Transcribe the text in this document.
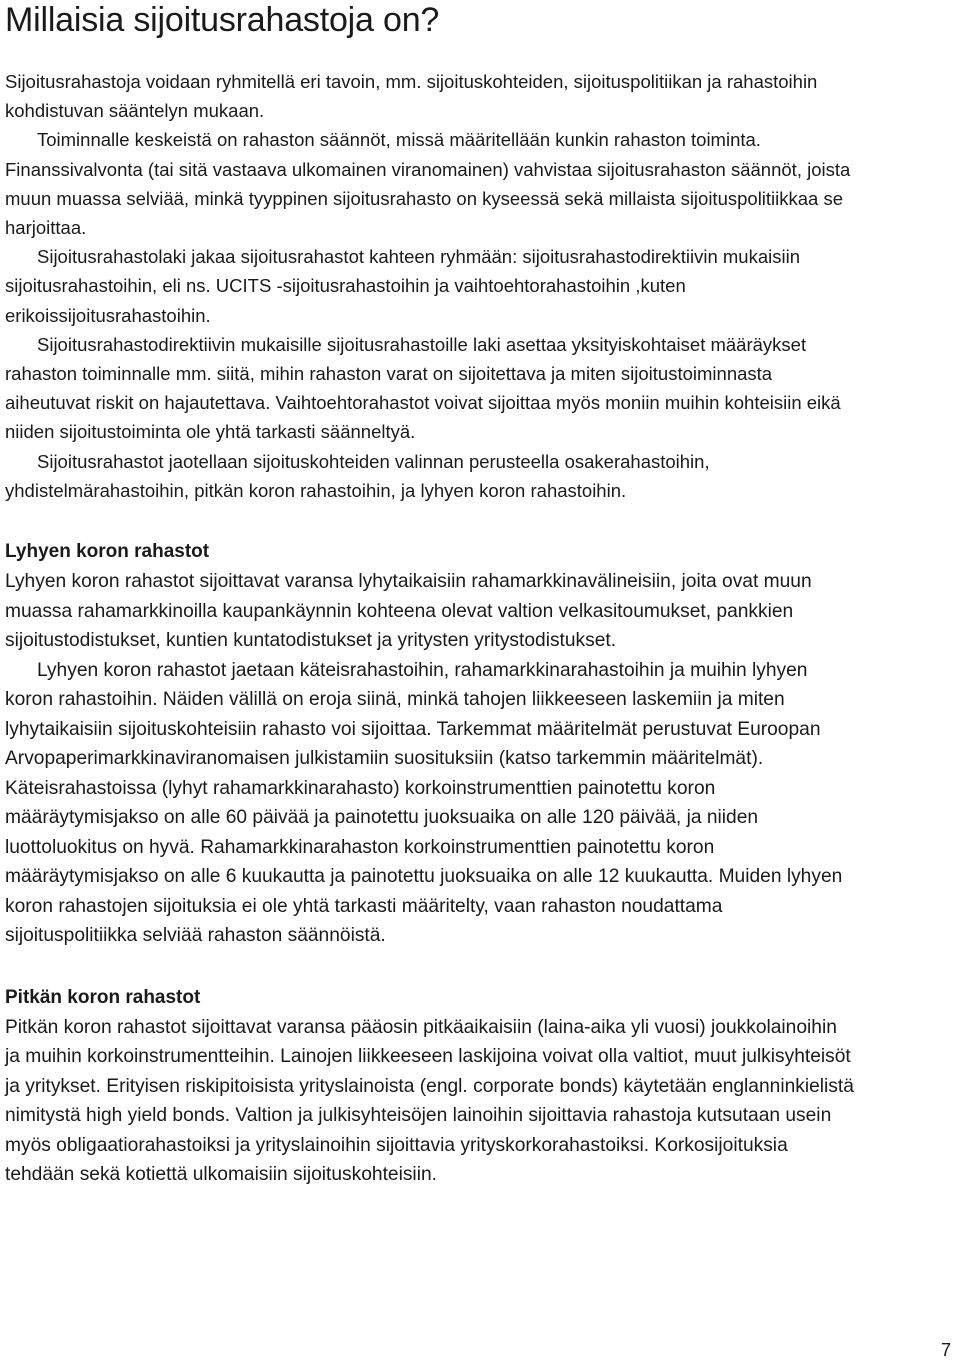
Millaisia sijoitusrahastoja on?

Sijoitusrahastoja voidaan ryhmitellä eri tavoin, mm. sijoituskohteiden, sijoituspolitiikan ja rahastoihin kohdistuvan sääntelyn mukaan.

Toiminnalle keskeistä on rahaston säännöt, missä määritellään kunkin rahaston toiminta. Finanssivalvonta (tai sitä vastaava ulkomainen viranomainen) vahvistaa sijoitusrahaston säännöt, joista muun muassa selviää, minkä tyyppinen sijoitusrahasto on kyseessä sekä millaista sijoituspolitiikkaa se harjoittaa.

Sijoitusrahastolaki jakaa sijoitusrahastot kahteen ryhmään: sijoitusrahastodirektiivin mukaisiin sijoitusrahastoihin, eli ns. UCITS -sijoitusrahastoihin ja vaihtoehtorahastoihin ,kuten erikoissijoitusrahastoihin.

Sijoitusrahastodirektiivin mukaisille sijoitusrahastoille laki asettaa yksityiskohtaiset määräykset rahaston toiminnalle mm. siitä, mihin rahaston varat on sijoitettava ja miten sijoitustoiminnasta aiheutuvat riskit on hajautettava. Vaihtoehtorahastot voivat sijoittaa myös moniin muihin kohteisiin eikä niiden sijoitustoiminta ole yhtä tarkasti säänneltyä.

Sijoitusrahastot jaotellaan sijoituskohteiden valinnan perusteella osakerahastoihin, yhdistelmärahastoihin, pitkän koron rahastoihin, ja lyhyen koron rahastoihin.

Lyhyen koron rahastot

Lyhyen koron rahastot sijoittavat varansa lyhytaikaisiin rahamarkkinavälineisiin, joita ovat muun muassa rahamarkkinoilla kaupankäynnin kohteena olevat valtion velkasitoumukset, pankkien sijoitustodistukset, kuntien kuntatodistukset ja yritysten yritystodistukset.

Lyhyen koron rahastot jaetaan käteisrahastoihin, rahamarkkinarahastoihin ja muihin lyhyen koron rahastoihin. Näiden välillä on eroja siinä, minkä tahojen liikkeeseen laskemiin ja miten lyhytaikaisiin sijoituskohteisiin rahasto voi sijoittaa. Tarkemmat määritelmät perustuvat Euroopan Arvopaperimarkkinaviranomaisen julkistamiin suosituksiin (katso tarkemmin määritelmät). Käteisrahastoissa (lyhyt rahamarkkinarahasto) korkoinstrumenttien painotettu koron määräytymisjakso on alle 60 päivää ja painotettu juoksuaika on alle 120 päivää, ja niiden luottoluokitus on hyvä. Rahamarkkinarahaston korkoinstrumenttien painotettu koron määräytymisjakso on alle 6 kuukautta ja painotettu juoksuaika on alle 12 kuukautta. Muiden lyhyen koron rahastojen sijoituksia ei ole yhtä tarkasti määritelty, vaan rahaston noudattama sijoituspolitiikka selviää rahaston säännöistä.

Pitkän koron rahastot

Pitkän koron rahastot sijoittavat varansa pääosin pitkäaikaisiin (laina-aika yli vuosi) joukkolainoihin ja muihin korkoinstrumentteihin. Lainojen liikkeeseen laskijoina voivat olla valtiot, muut julkisyhteisöt ja yritykset. Erityisen riskipitoisista yrityslainoista (engl. corporate bonds) käytetään englanninkielistä nimitystä high yield bonds. Valtion ja julkisyhteisöjen lainoihin sijoittavia rahastoja kutsutaan usein myös obligaatiorahastoiksi ja yrityslainoihin sijoittavia yrityskorkorahastoiksi. Korkosijoituksia tehdään sekä kotiettä ulkomaisiin sijoituskohteisiin.

7
